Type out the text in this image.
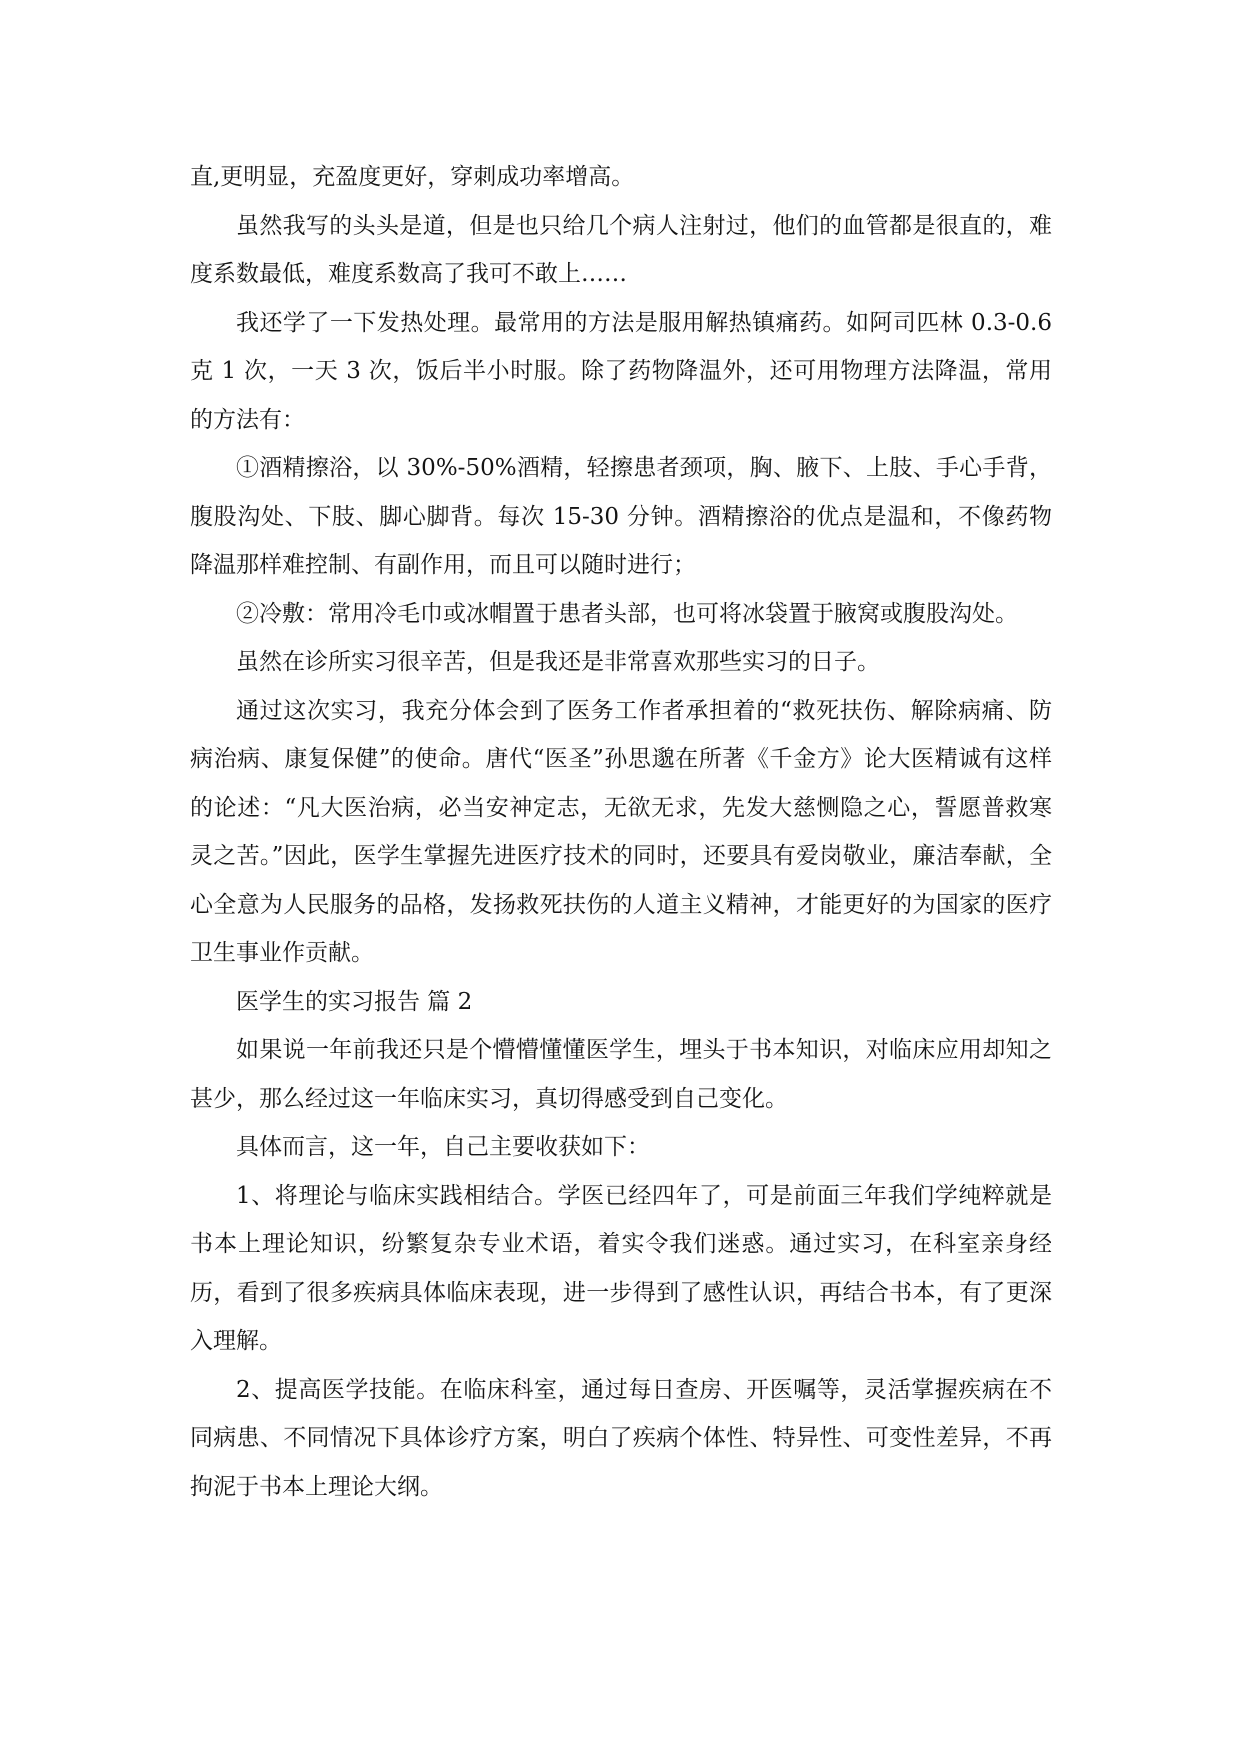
直,更明显，充盈度更好，穿刺成功率增高。

虽然我写的头头是道，但是也只给几个病人注射过，他们的血管都是很直的，难度系数最低，难度系数高了我可不敢上……

我还学了一下发热处理。最常用的方法是服用解热镇痛药。如阿司匹林 0.3-0.6 克 1 次，一天 3 次，饭后半小时服。除了药物降温外，还可用物理方法降温，常用的方法有：

①酒精擦浴，以 30%-50%酒精，轻擦患者颈项，胸、腋下、上肢、手心手背，腹股沟处、下肢、脚心脚背。每次 15-30 分钟。酒精擦浴的优点是温和，不像药物降温那样难控制、有副作用，而且可以随时进行；

②冷敷：常用冷毛巾或冰帽置于患者头部，也可将冰袋置于腋窝或腹股沟处。

虽然在诊所实习很辛苦，但是我还是非常喜欢那些实习的日子。

通过这次实习，我充分体会到了医务工作者承担着的“救死扶伤、解除病痛、防病治病、康复保健”的使命。唐代“医圣”孙思邈在所著《千金方》论大医精诚有这样的论述：“凡大医治病，必当安神定志，无欲无求，先发大慈恻隐之心，誓愿普救寒灵之苦。”因此，医学生掌握先进医疗技术的同时，还要具有爱岗敬业，廉洁奉献，全心全意为人民服务的品格，发扬救死扶伤的人道主义精神，才能更好的为国家的医疗卫生事业作贡献。

医学生的实习报告 篇 2

如果说一年前我还只是个懵懵懂懂医学生，埋头于书本知识，对临床应用却知之甚少，那么经过这一年临床实习，真切得感受到自己变化。

具体而言，这一年，自己主要收获如下：

1、将理论与临床实践相结合。学医已经四年了，可是前面三年我们学纯粹就是书本上理论知识，纷繁复杂专业术语，着实令我们迷惑。通过实习，在科室亲身经历，看到了很多疾病具体临床表现，进一步得到了感性认识，再结合书本，有了更深入理解。

2、提高医学技能。在临床科室，通过每日查房、开医嘱等，灵活掌握疾病在不同病患、不同情况下具体诊疗方案，明白了疾病个体性、特异性、可变性差异，不再拘泥于书本上理论大纲。
